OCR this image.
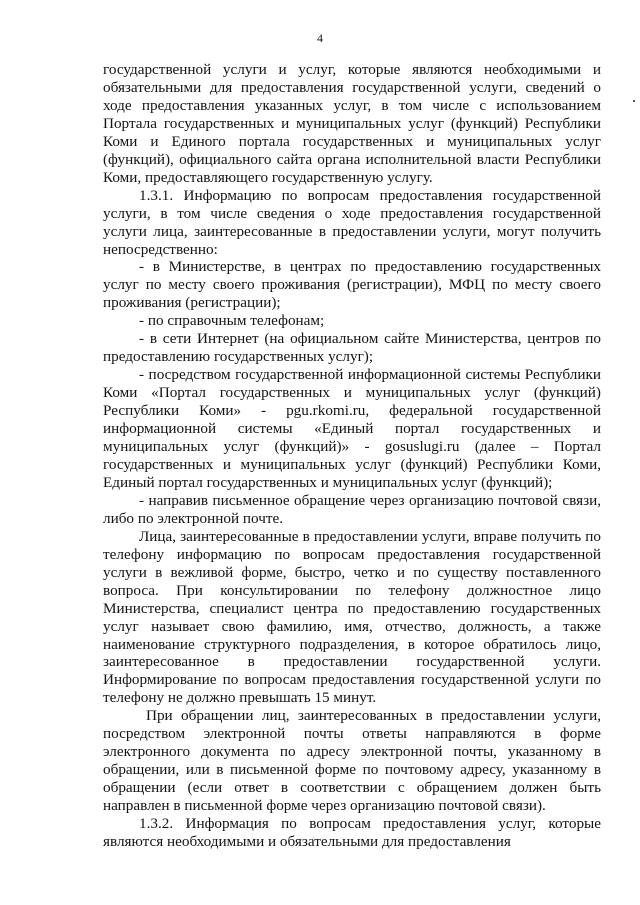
4

государственной услуги и услуг, которые являются необходимыми и обязательными для предоставления государственной услуги, сведений о ходе предоставления указанных услуг, в том числе с использованием Портала государственных и муниципальных услуг (функций) Республики Коми и Единого портала государственных и муниципальных услуг (функций), официального сайта органа исполнительной власти Республики Коми, предоставляющего государственную услугу.

1.3.1. Информацию по вопросам предоставления государственной услуги, в том числе сведения о ходе предоставления государственной услуги лица, заинтересованные в предоставлении услуги, могут получить непосредственно:

- в Министерстве, в центрах по предоставлению государственных услуг по месту своего проживания (регистрации), МФЦ по месту своего проживания (регистрации);

- по справочным телефонам;

- в сети Интернет (на официальном сайте Министерства, центров по предоставлению государственных услуг);

- посредством государственной информационной системы Республики Коми «Портал государственных и муниципальных услуг (функций) Республики Коми» - pgu.rkomi.ru, федеральной государственной информационной системы «Единый портал государственных и муниципальных услуг (функций)» - gosuslugi.ru (далее – Портал государственных и муниципальных услуг (функций) Республики Коми, Единый портал государственных и муниципальных услуг (функций);

- направив письменное обращение через организацию почтовой связи, либо по электронной почте.

Лица, заинтересованные в предоставлении услуги, вправе получить по телефону информацию по вопросам предоставления государственной услуги в вежливой форме, быстро, четко и по существу поставленного вопроса. При консультировании по телефону должностное лицо Министерства, специалист центра по предоставлению государственных услуг называет свою фамилию, имя, отчество, должность, а также наименование структурного подразделения, в которое обратилось лицо, заинтересованное в предоставлении государственной услуги. Информирование по вопросам предоставления государственной услуги по телефону не должно превышать 15 минут.

При обращении лиц, заинтересованных в предоставлении услуги, посредством электронной почты ответы направляются в форме электронного документа по адресу электронной почты, указанному в обращении, или в письменной форме по почтовому адресу, указанному в обращении (если ответ в соответствии с обращением должен быть направлен в письменной форме через организацию почтовой связи).

1.3.2. Информация по вопросам предоставления услуг, которые являются необходимыми и обязательными для предоставления
